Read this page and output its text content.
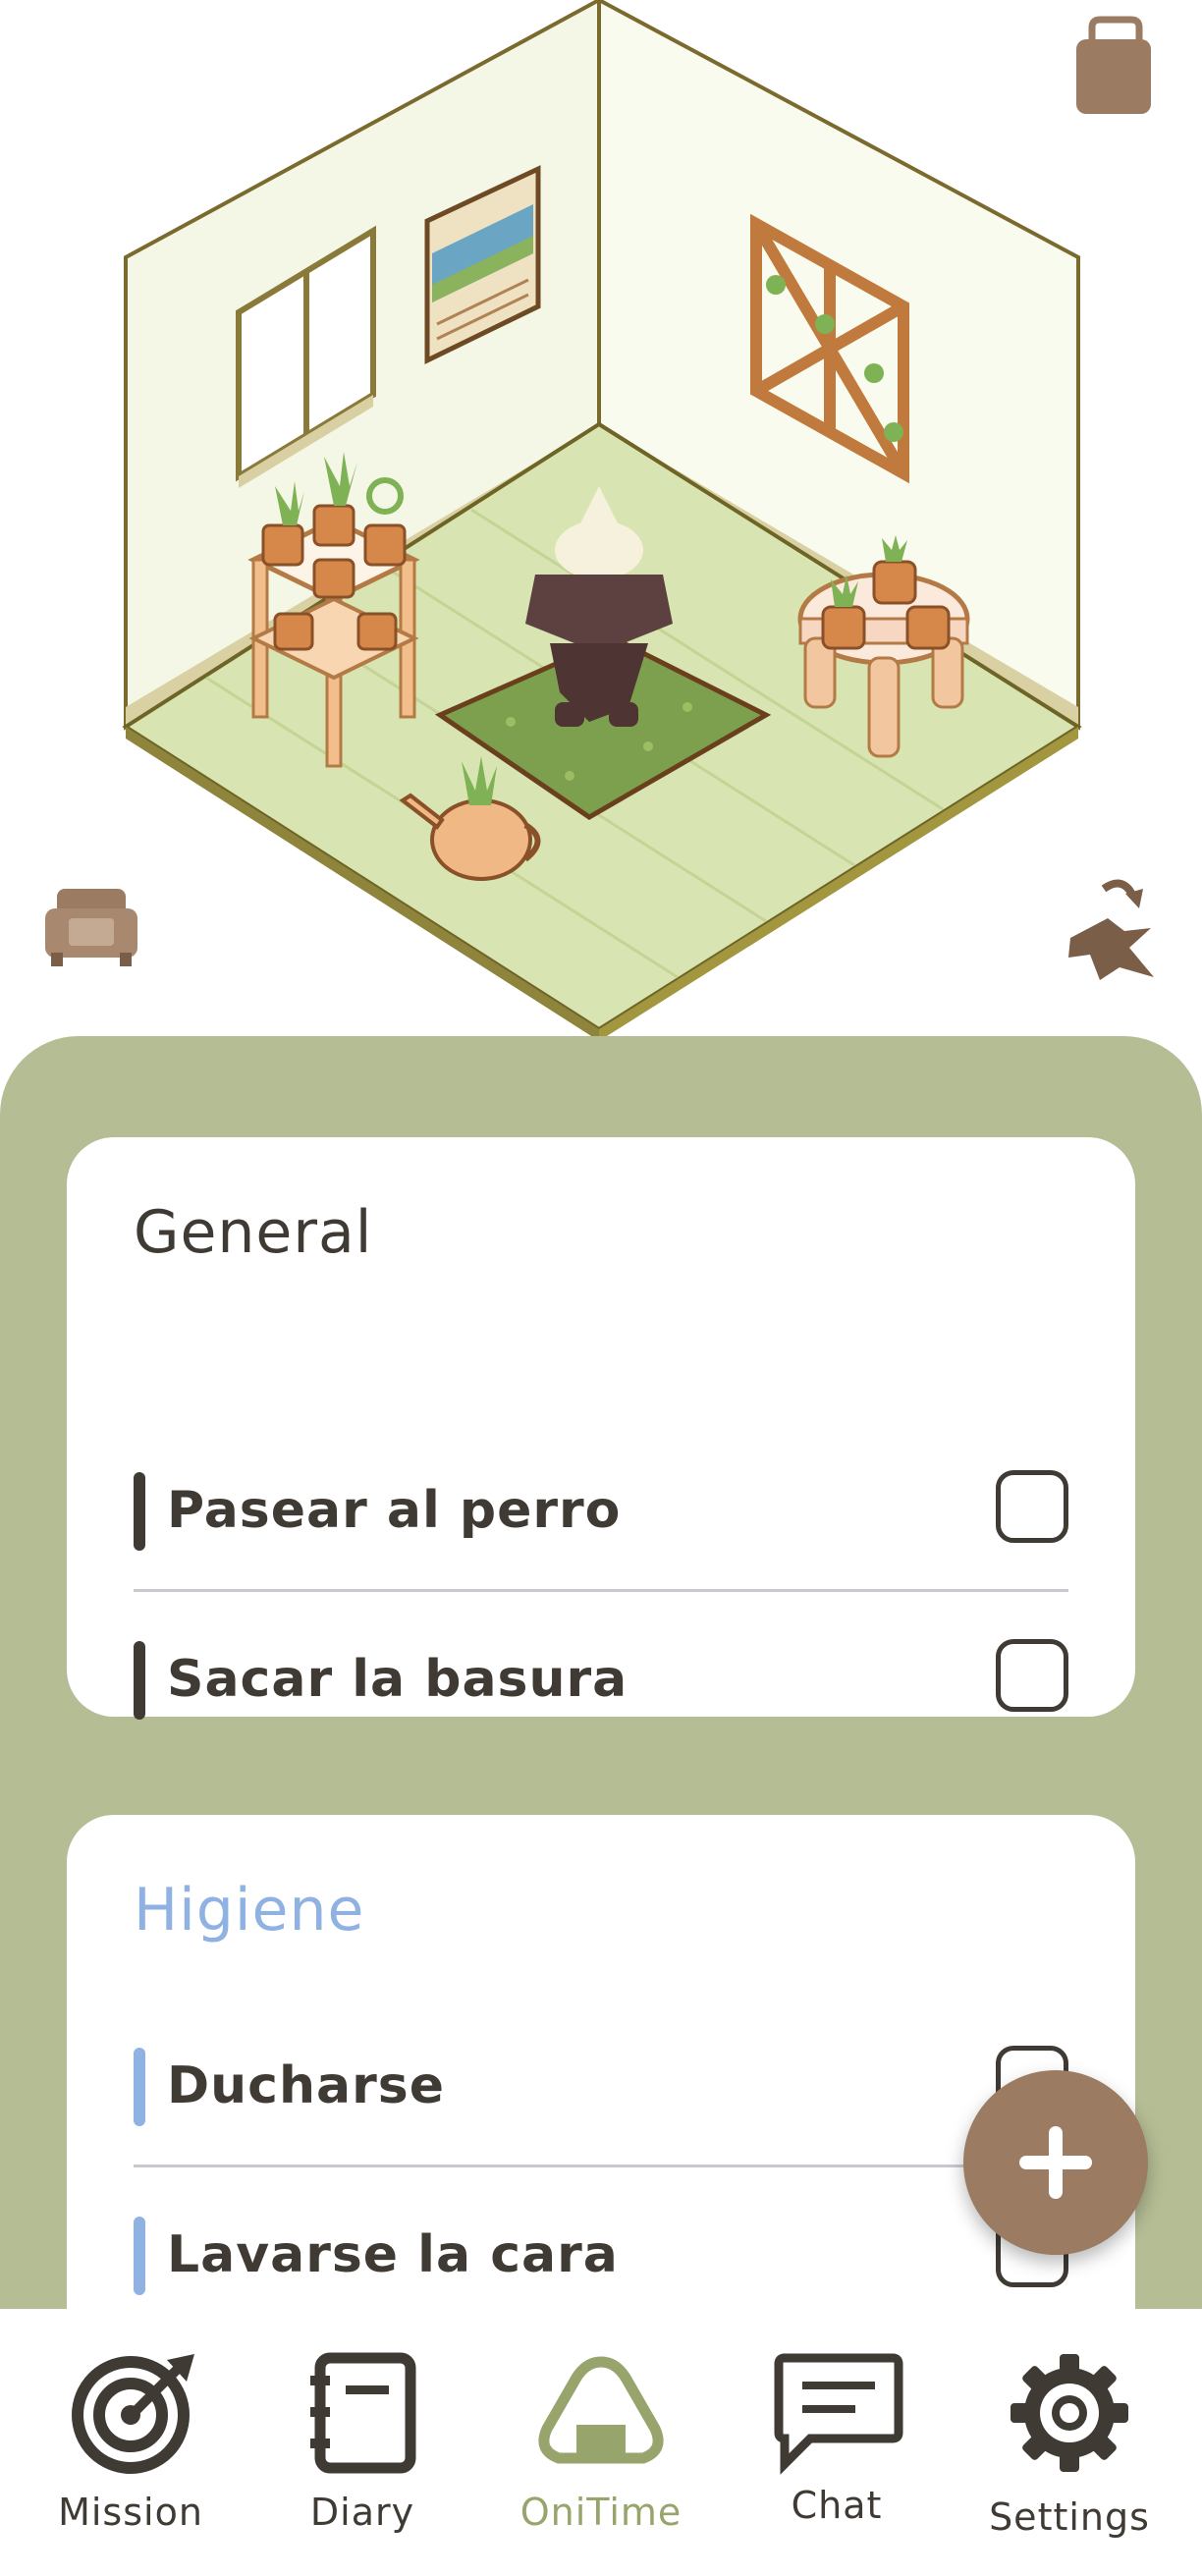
General
Pasear al perro
Sacar la basura
Higiene
Ducharse
Lavarse la cara
Mission	Diary	OniTime	Chat	Settings
